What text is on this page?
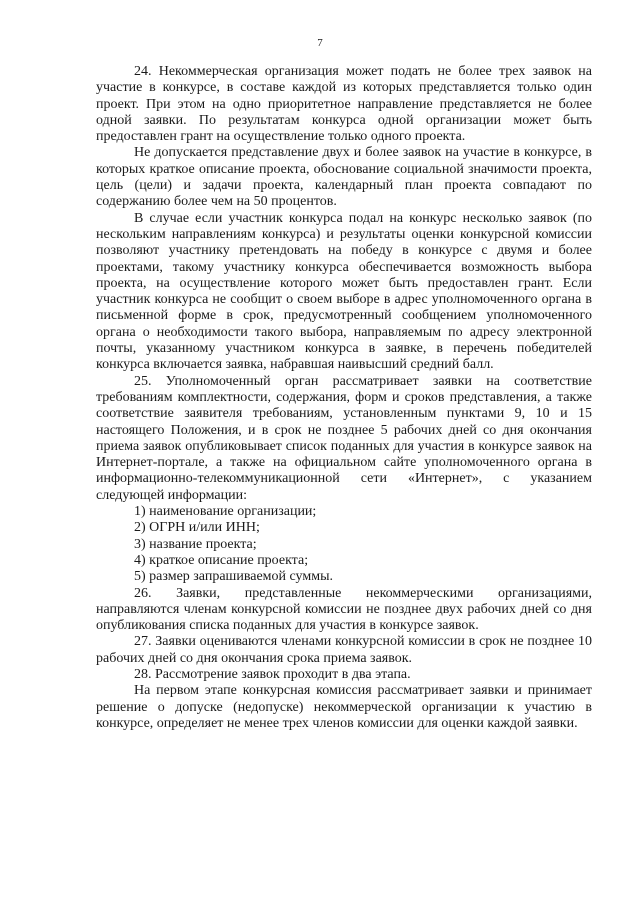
7

24. Некоммерческая организация может подать не более трех заявок на участие в конкурсе, в составе каждой из которых представляется только один проект. При этом на одно приоритетное направление представляется не более одной заявки. По результатам конкурса одной организации может быть предоставлен грант на осуществление только одного проекта.

Не допускается представление двух и более заявок на участие в конкурсе, в которых краткое описание проекта, обоснование социальной значимости проекта, цель (цели) и задачи проекта, календарный план проекта совпадают по содержанию более чем на 50 процентов.

В случае если участник конкурса подал на конкурс несколько заявок (по нескольким направлениям конкурса) и результаты оценки конкурсной комиссии позволяют участнику претендовать на победу в конкурсе с двумя и более проектами, такому участнику конкурса обеспечивается возможность выбора проекта, на осуществление которого может быть предоставлен грант. Если участник конкурса не сообщит о своем выборе в адрес уполномоченного органа в письменной форме в срок, предусмотренный сообщением уполномоченного органа о необходимости такого выбора, направляемым по адресу электронной почты, указанному участником конкурса в заявке, в перечень победителей конкурса включается заявка, набравшая наивысший средний балл.

25. Уполномоченный орган рассматривает заявки на соответствие требованиям комплектности, содержания, форм и сроков представления, а также соответствие заявителя требованиям, установленным пунктами 9, 10 и 15 настоящего Положения, и в срок не позднее 5 рабочих дней со дня окончания приема заявок опубликовывает список поданных для участия в конкурсе заявок на Интернет-портале, а также на официальном сайте уполномоченного органа в информационно-телекоммуникационной сети «Интернет», с указанием следующей информации:

1) наименование организации;

2) ОГРН и/или ИНН;

3) название проекта;

4) краткое описание проекта;

5) размер запрашиваемой суммы.

26. Заявки, представленные некоммерческими организациями, направляются членам конкурсной комиссии не позднее двух рабочих дней со дня опубликования списка поданных для участия в конкурсе заявок.

27. Заявки оцениваются членами конкурсной комиссии в срок не позднее 10 рабочих дней со дня окончания срока приема заявок.

28. Рассмотрение заявок проходит в два этапа.

На первом этапе конкурсная комиссия рассматривает заявки и принимает решение о допуске (недопуске) некоммерческой организации к участию в конкурсе, определяет не менее трех членов комиссии для оценки каждой заявки.
